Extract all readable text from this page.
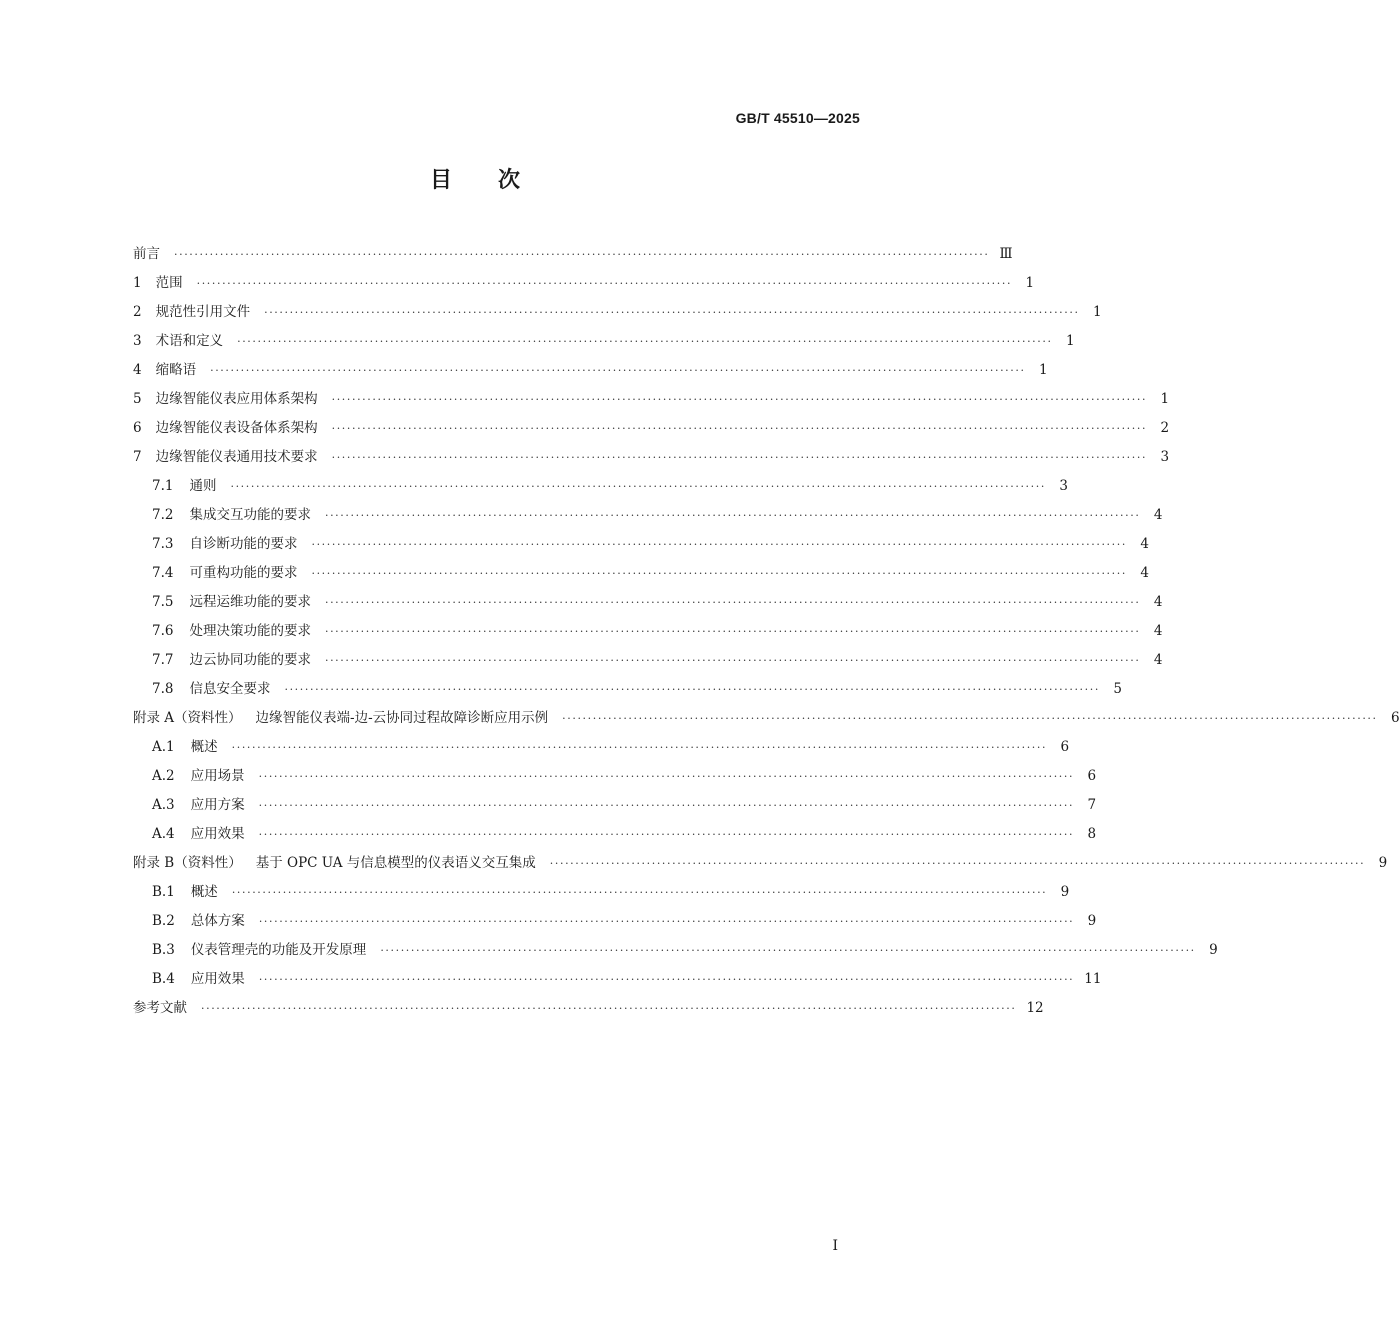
GB/T 45510—2025
目次
前言 ································································································································································ Ⅲ
1 范围 ································································································································································ 1
2 规范性引用文件 ································································································································································ 1
3 术语和定义 ································································································································································ 1
4 缩略语 ································································································································································ 1
5 边缘智能仪表应用体系架构 ································································································································································ 1
6 边缘智能仪表设备体系架构 ································································································································································ 2
7 边缘智能仪表通用技术要求 ································································································································································ 3
7.1 通则 ································································································································································ 3
7.2 集成交互功能的要求 ································································································································································ 4
7.3 自诊断功能的要求 ································································································································································ 4
7.4 可重构功能的要求 ································································································································································ 4
7.5 远程运维功能的要求 ································································································································································ 4
7.6 处理决策功能的要求 ································································································································································ 4
7.7 边云协同功能的要求 ································································································································································ 4
7.8 信息安全要求 ································································································································································ 5
附录 A（资料性） 边缘智能仪表端-边-云协同过程故障诊断应用示例 ································································································································································ 6
A.1 概述 ································································································································································ 6
A.2 应用场景 ································································································································································ 6
A.3 应用方案 ································································································································································ 7
A.4 应用效果 ································································································································································ 8
附录 B（资料性） 基于 OPC UA 与信息模型的仪表语义交互集成 ································································································································································ 9
B.1 概述 ································································································································································ 9
B.2 总体方案 ································································································································································ 9
B.3 仪表管理壳的功能及开发原理 ································································································································································ 9
B.4 应用效果 ································································································································································ 11
参考文献 ································································································································································ 12
Ⅰ
